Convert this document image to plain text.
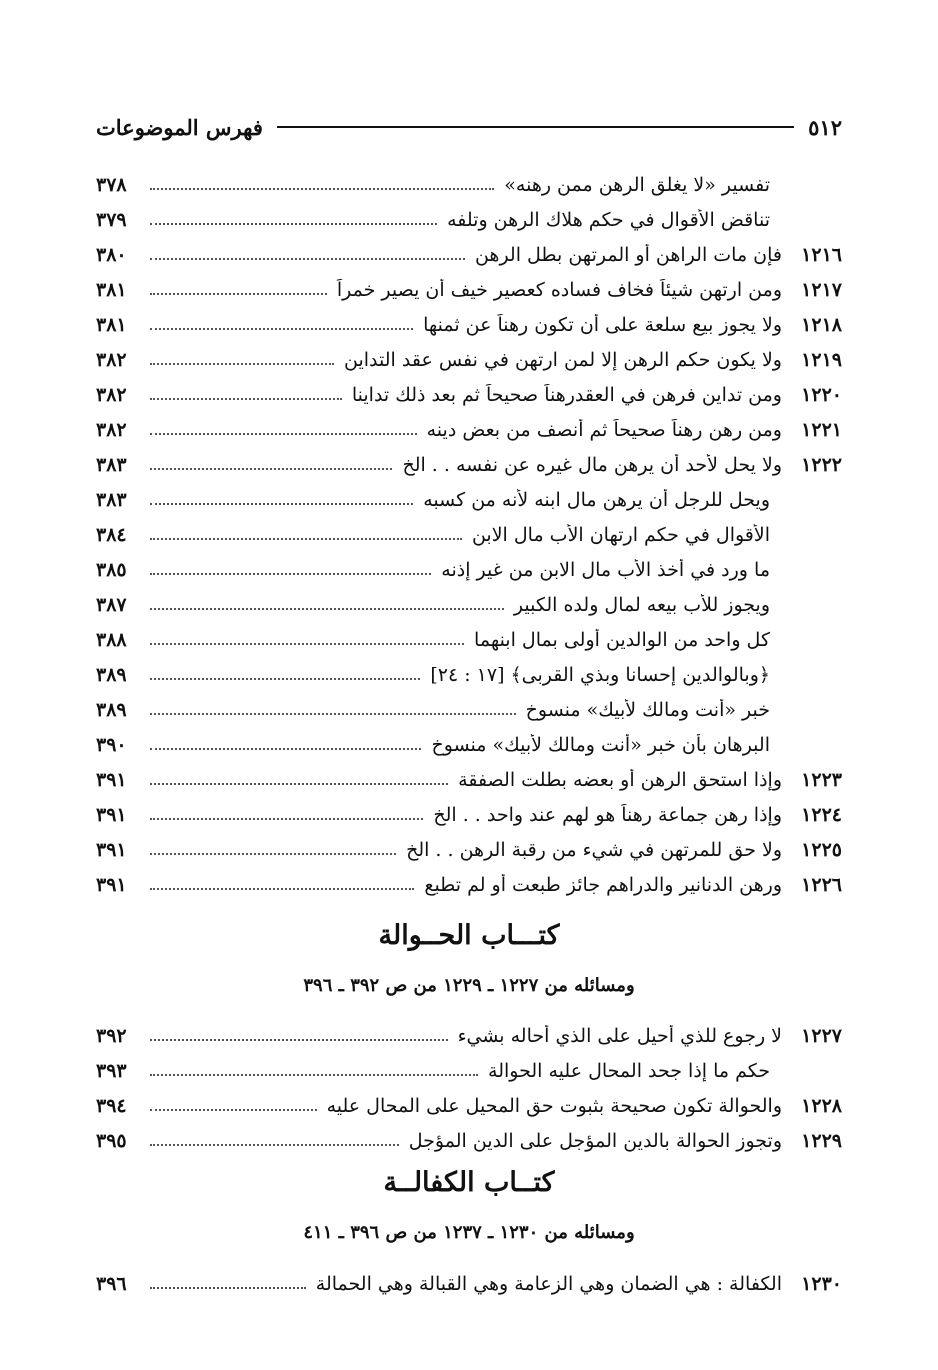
٥١٢
فهرس الموضوعات
تفسير «لا يغلق الرهن ممن رهنه»
٣٧٨
تناقض الأقوال في حكم هلاك الرهن وتلفه
٣٧٩
١٢١٦
فإن مات الراهن أو المرتهن بطل الرهن
٣٨٠
١٢١٧
ومن ارتهن شيئاً فخاف فساده كعصير خيف أن يصير خمراً
٣٨١
١٢١٨
ولا يجوز بيع سلعة على أن تكون رهناً عن ثمنها
٣٨١
١٢١٩
ولا يكون حكم الرهن إلا لمن ارتهن في نفس عقد التداين
٣٨٢
١٢٢٠
ومن تداين فرهن في العقدرهناً صحيحاً ثم بعد ذلك تداينا
٣٨٢
١٢٢١
ومن رهن رهناً صحيحاً ثم أنصف من بعض دينه
٣٨٢
١٢٢٢
ولا يحل لأحد أن يرهن مال غيره عن نفسه . . الخ
٣٨٣
ويحل للرجل أن يرهن مال ابنه لأنه من كسبه
٣٨٣
الأقوال في حكم ارتهان الأب مال الابن
٣٨٤
ما ورد في أخذ الأب مال الابن من غير إذنه
٣٨٥
ويجوز للأب بيعه لمال ولده الكبير
٣٨٧
كل واحد من الوالدين أولى بمال ابنهما
٣٨٨
﴿وبالوالدين إحسانا وبذي القربى﴾ [١٧ : ٢٤]
٣٨٩
خبر «أنت ومالك لأبيك» منسوخ
٣٨٩
البرهان بأن خبر «أنت ومالك لأبيك» منسوخ
٣٩٠
١٢٢٣
وإذا استحق الرهن أو بعضه بطلت الصفقة
٣٩١
١٢٢٤
وإذا رهن جماعة رهناً هو لهم عند واحد . . الخ
٣٩١
١٢٢٥
ولا حق للمرتهن في شيء من رقبة الرهن . . الخ
٣٩١
١٢٢٦
ورهن الدنانير والدراهم جائز طبعت أو لم تطبع
٣٩١
كتـــاب الحــوالة
ومسائله من ١٢٢٧ ـ ١٢٢٩ من ص ٣٩٢ ـ ٣٩٦
١٢٢٧
لا رجوع للذي أحيل على الذي أحاله بشيء
٣٩٢
حكم ما إذا جحد المحال عليه الحوالة
٣٩٣
١٢٢٨
والحوالة تكون صحيحة بثبوت حق المحيل على المحال عليه
٣٩٤
١٢٢٩
وتجوز الحوالة بالدين المؤجل على الدين المؤجل
٣٩٥
كتــاب الكفالــة
ومسائله من ١٢٣٠ ـ ١٢٣٧ من ص ٣٩٦ ـ ٤١١
١٢٣٠
الكفالة : هي الضمان وهي الزعامة وهي القبالة وهي الحمالة
٣٩٦
